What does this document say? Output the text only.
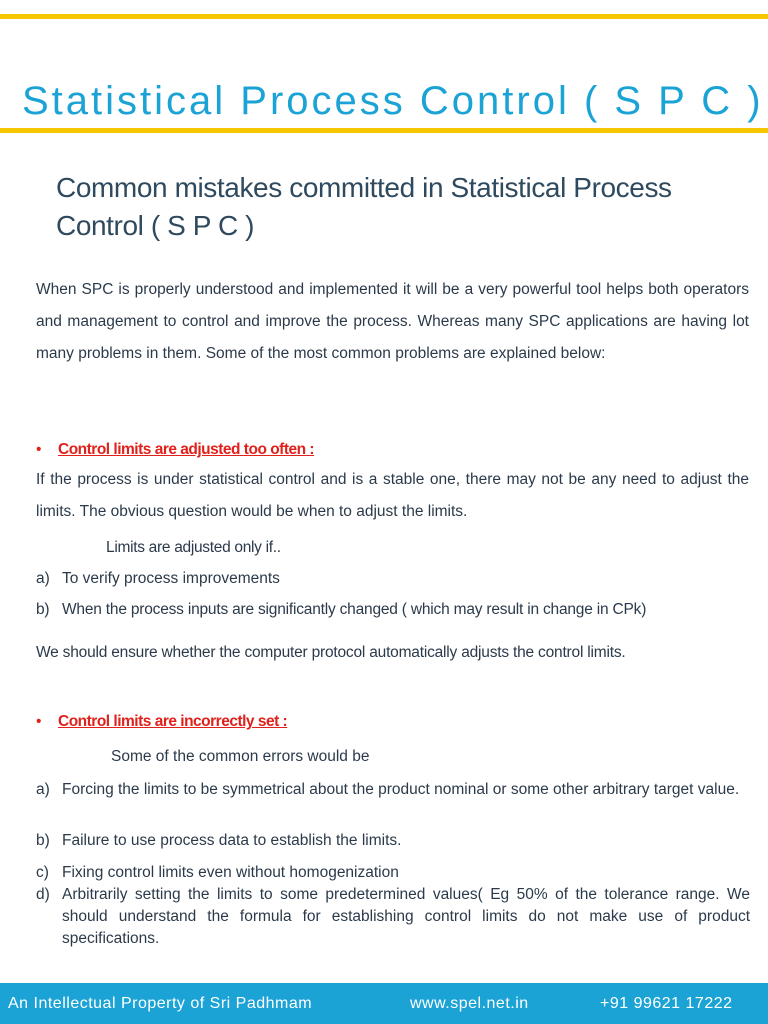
Statistical Process Control ( S P C )
Common mistakes committed in Statistical Process Control ( S P C )
When SPC is properly understood and implemented it will be a very powerful tool helps both operators and management to control and improve the process. Whereas many SPC applications are having lot many problems in them. Some of the most common problems are explained below:
• Control limits are adjusted too often :
If the process is under statistical control and is a stable one, there may not be any need to adjust the limits. The obvious question would be when to adjust the limits.
Limits are adjusted only if..
a) To verify process improvements
b) When the process inputs are significantly changed ( which may result in change in CPk)
We should ensure whether the computer protocol automatically adjusts the control limits.
• Control limits are incorrectly set :
Some of the common errors would be
a) Forcing the limits to be symmetrical about the product nominal or some other arbitrary target value.
b) Failure to use process data to establish the limits.
c) Fixing control limits even without homogenization
d) Arbitrarily setting the limits to some predetermined values( Eg 50% of the tolerance range. We should understand the formula for establishing control limits do not make use of product specifications.
An Intellectual Property of Sri Padhmam	www.spel.net.in	+91 99621 17222
